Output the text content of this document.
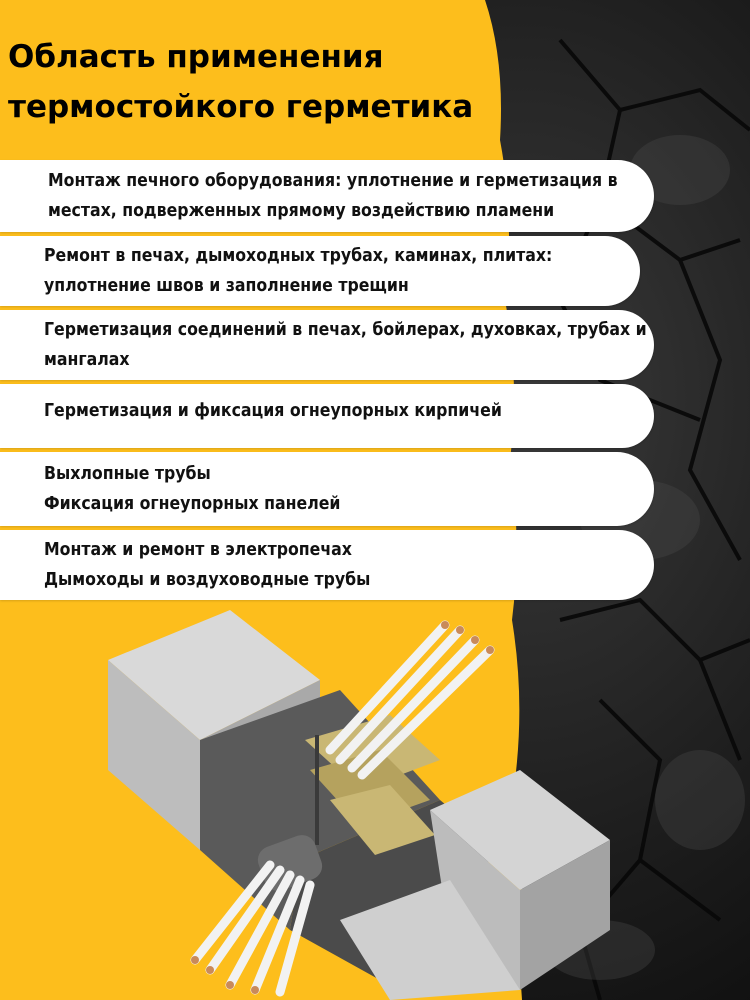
Область применения
термостойкого герметика
Монтаж печного оборудования: уплотнение и герметизация в
местах, подверженных прямому воздействию пламени
Ремонт в печах, дымоходных трубах, каминах, плитах:
уплотнение швов и заполнение трещин
Герметизация соединений в печах, бойлерах, духовках, трубах и
мангалах
Герметизация и фиксация огнеупорных кирпичей
Выхлопные трубы
Фиксация огнеупорных панелей
Монтаж и ремонт в электропечах
Дымоходы и воздуховодные трубы
